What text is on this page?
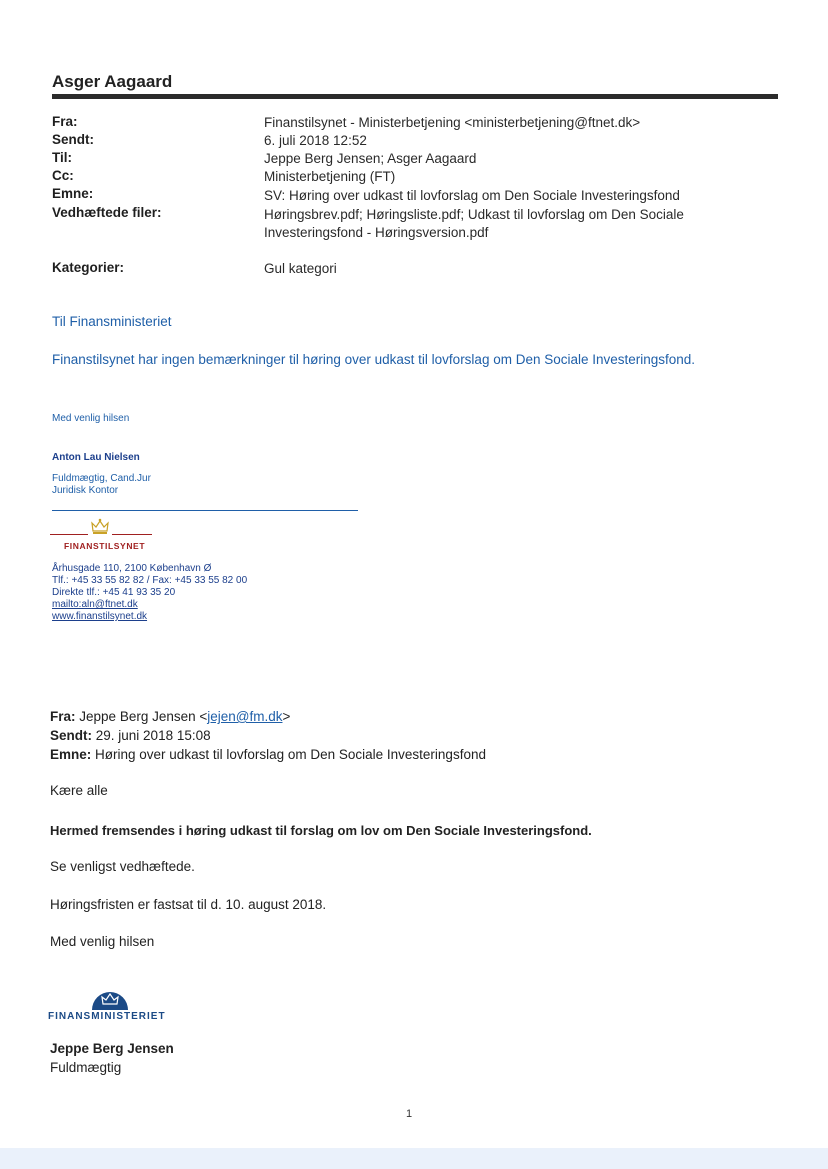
Asger Aagaard
Fra:
Sendt:
Til:
Cc:
Emne:
Vedhæftede filer:
Kategorier:
Finanstilsynet - Ministerbetjening <ministerbetjening@ftnet.dk>
6. juli 2018 12:52
Jeppe Berg Jensen; Asger Aagaard
Ministerbetjening (FT)
SV: Høring over udkast til lovforslag om Den Sociale Investeringsfond
Høringsbrev.pdf; Høringsliste.pdf; Udkast til lovforslag om Den Sociale
Investeringsfond - Høringsversion.pdf
Gul kategori
Til Finansministeriet
Finanstilsynet har ingen bemærkninger til høring over udkast til lovforslag om Den Sociale Investeringsfond.
Med venlig hilsen
Anton Lau Nielsen
Fuldmægtig, Cand.Jur
Juridisk Kontor
FINANSTILSYNET
Århusgade 110, 2100 København Ø
Tlf.: +45 33 55 82 82 / Fax: +45 33 55 82 00
Direkte tlf.: +45 41 93 35 20
mailto:aln@ftnet.dk
www.finanstilsynet.dk
Fra: Jeppe Berg Jensen <jejen@fm.dk>
Sendt: 29. juni 2018 15:08
Emne: Høring over udkast til lovforslag om Den Sociale Investeringsfond
Kære alle
Hermed fremsendes i høring udkast til forslag om lov om Den Sociale Investeringsfond.
Se venligst vedhæftede.
Høringsfristen er fastsat til d. 10. august 2018.
Med venlig hilsen
FINANSMINISTERIET
Jeppe Berg Jensen
Fuldmægtig
1
